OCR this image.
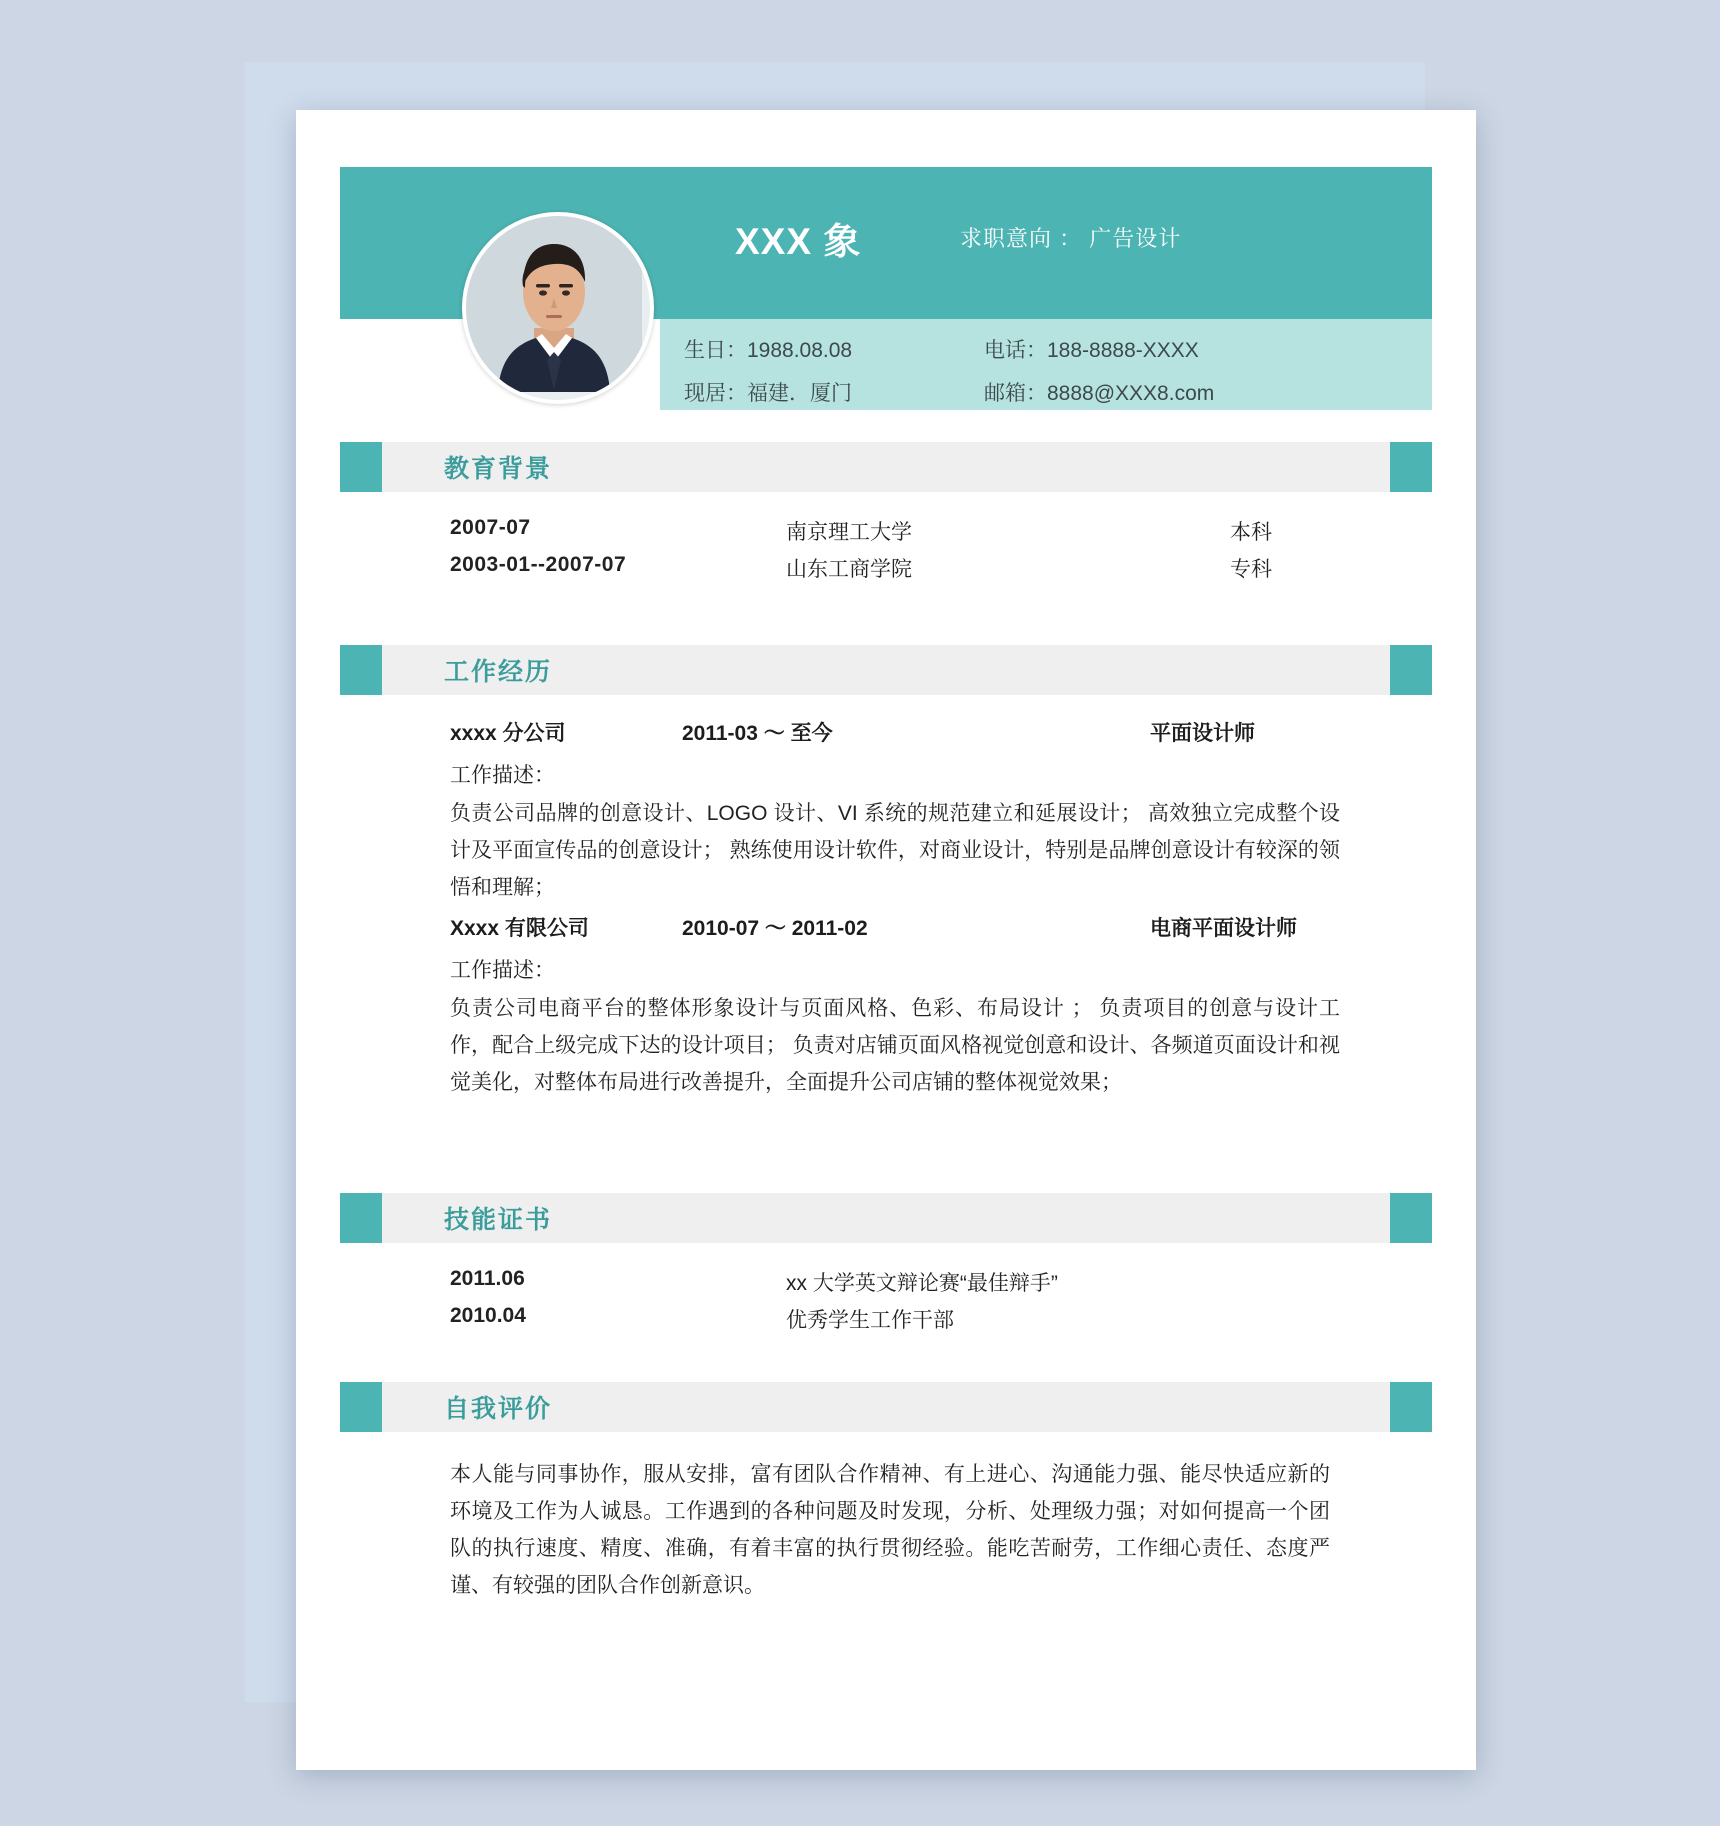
XXX 象	求职意向 ： 广告设计
生日：1988.08.08	电话：188-8888-XXXX
现居：福建．厦门	邮箱：8888@XXX8.com
教育背景
2007-07	南京理工大学	本科
2003-01--2007-07	山东工商学院	专科
工作经历
xxxx 分公司	2011-03 ～ 至今	平面设计师

工作描述：

负责公司品牌的创意设计、LOGO 设计、VI 系统的规范建立和延展设计； 高效独立完成整个设计及平面宣传品的创意设计； 熟练使用设计软件，对商业设计，特别是品牌创意设计有较深的领悟和理解；

Xxxx 有限公司	2010-07 ～ 2011-02	电商平面设计师

工作描述：

负责公司电商平台的整体形象设计与页面风格、色彩、布局设计 ； 负责项目的创意与设计工作，配合上级完成下达的设计项目； 负责对店铺页面风格视觉创意和设计、各频道页面设计和视觉美化，对整体布局进行改善提升，全面提升公司店铺的整体视觉效果；

技能证书
2011.06	xx 大学英文辩论赛“最佳辩手”
2010.04	优秀学生工作干部
自我评价
本人能与同事协作，服从安排，富有团队合作精神、有上进心、沟通能力强、能尽快适应新的环境及工作为人诚恳。工作遇到的各种问题及时发现，分析、处理级力强；对如何提高一个团队的执行速度、精度、准确，有着丰富的执行贯彻经验。能吃苦耐劳，工作细心责任、态度严谨、有较强的团队合作创新意识。
